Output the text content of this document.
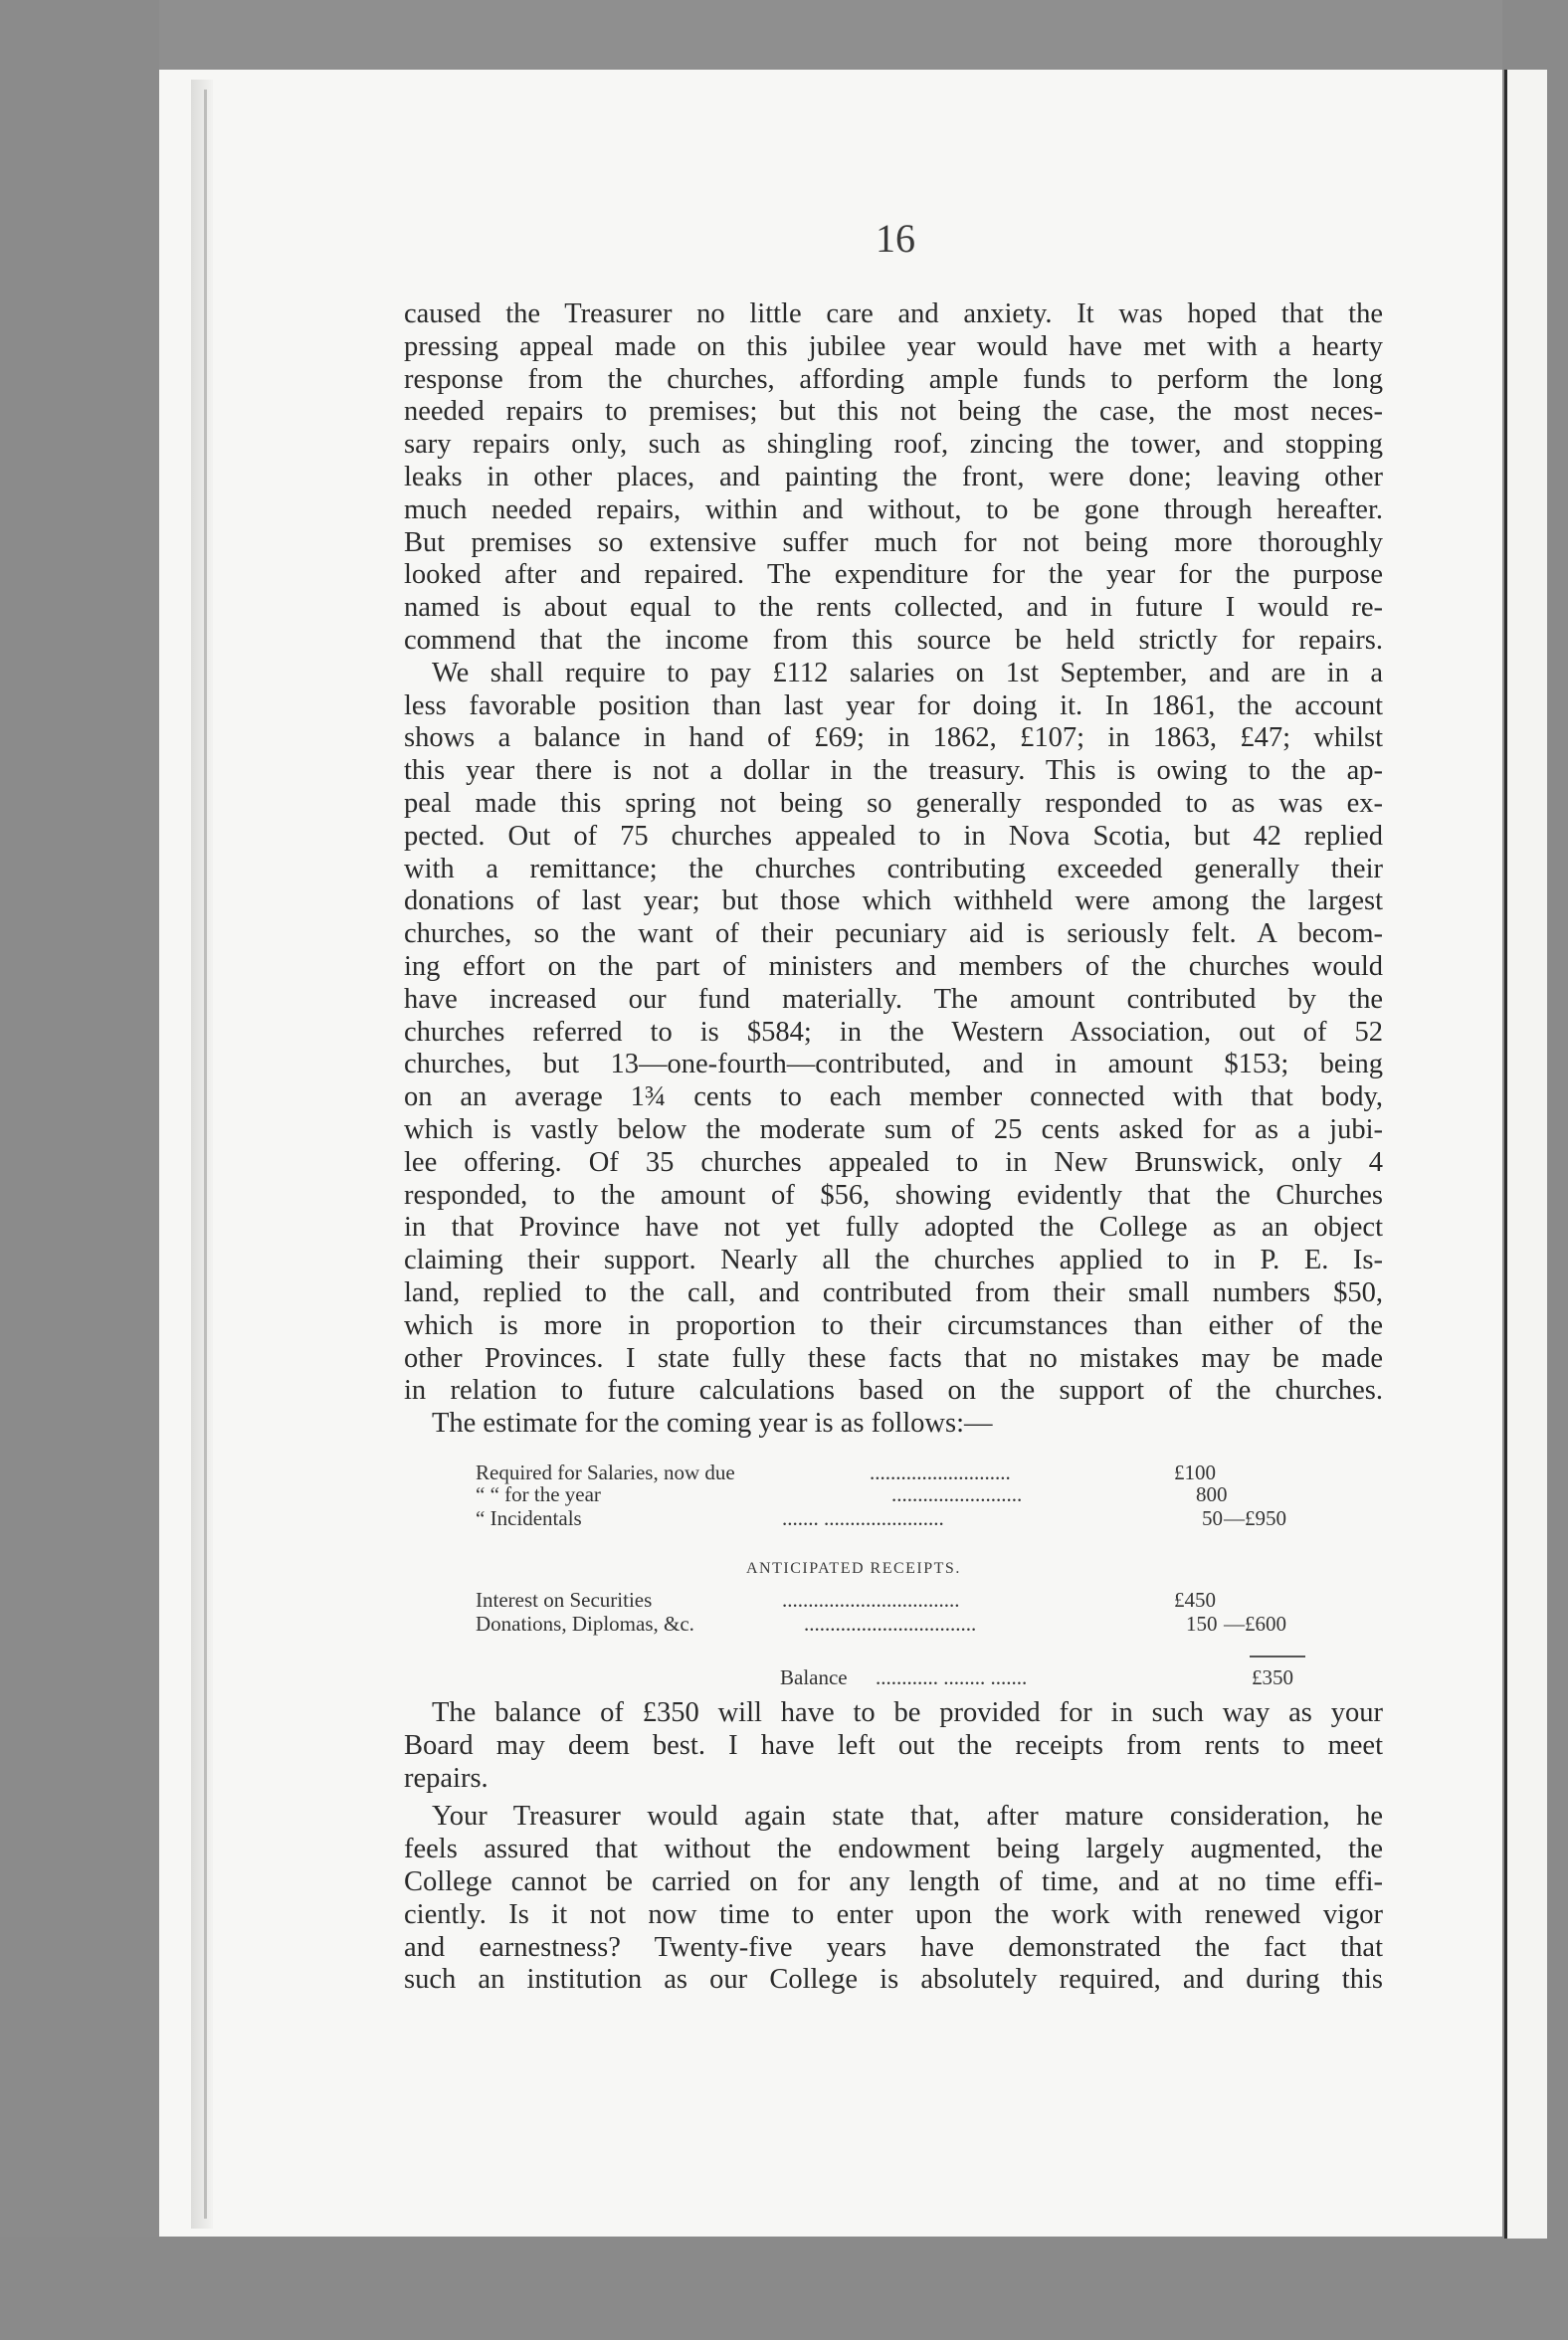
16
caused the Treasurer no little care and anxiety. It was hoped that the
pressing appeal made on this jubilee year would have met with a hearty
response from the churches, affording ample funds to perform the long
needed repairs to premises; but this not being the case, the most neces-
sary repairs only, such as shingling roof, zincing the tower, and stopping
leaks in other places, and painting the front, were done; leaving other
much needed repairs, within and without, to be gone through hereafter.
But premises so extensive suffer much for not being more thoroughly
looked after and repaired. The expenditure for the year for the purpose
named is about equal to the rents collected, and in future I would re-
commend that the income from this source be held strictly for repairs.
We shall require to pay £112 salaries on 1st September, and are in a
less favorable position than last year for doing it. In 1861, the account
shows a balance in hand of £69; in 1862, £107; in 1863, £47; whilst
this year there is not a dollar in the treasury. This is owing to the ap-
peal made this spring not being so generally responded to as was ex-
pected. Out of 75 churches appealed to in Nova Scotia, but 42 replied
with a remittance; the churches contributing exceeded generally their
donations of last year; but those which withheld were among the largest
churches, so the want of their pecuniary aid is seriously felt. A becom-
ing effort on the part of ministers and members of the churches would
have increased our fund materially. The amount contributed by the
churches referred to is $584; in the Western Association, out of 52
churches, but 13—one-fourth—contributed, and in amount $153; being
on an average 1¾ cents to each member connected with that body,
which is vastly below the moderate sum of 25 cents asked for as a jubi-
lee offering. Of 35 churches appealed to in New Brunswick, only 4
responded, to the amount of $56, showing evidently that the Churches
in that Province have not yet fully adopted the College as an object
claiming their support. Nearly all the churches applied to in P. E. Is-
land, replied to the call, and contributed from their small numbers $50,
which is more in proportion to their circumstances than either of the
other Provinces. I state fully these facts that no mistakes may be made
in relation to future calculations based on the support of the churches.
The estimate for the coming year is as follows:—
Required for Salaries, now due	...........................	£100
“ “ for the year	.........................	800
“ Incidentals	....... .......................	50 —£950
ANTICIPATED RECEIPTS.
Interest on Securities	..................................	£450
Donations, Diplomas, &c.	.................................	150 —£600
Balance ............ ........ .......	£350
The balance of £350 will have to be provided for in such way as your
Board may deem best. I have left out the receipts from rents to meet
repairs.
Your Treasurer would again state that, after mature consideration, he
feels assured that without the endowment being largely augmented, the
College cannot be carried on for any length of time, and at no time effi-
ciently. Is it not now time to enter upon the work with renewed vigor
and earnestness? Twenty-five years have demonstrated the fact that
such an institution as our College is absolutely required, and during this
